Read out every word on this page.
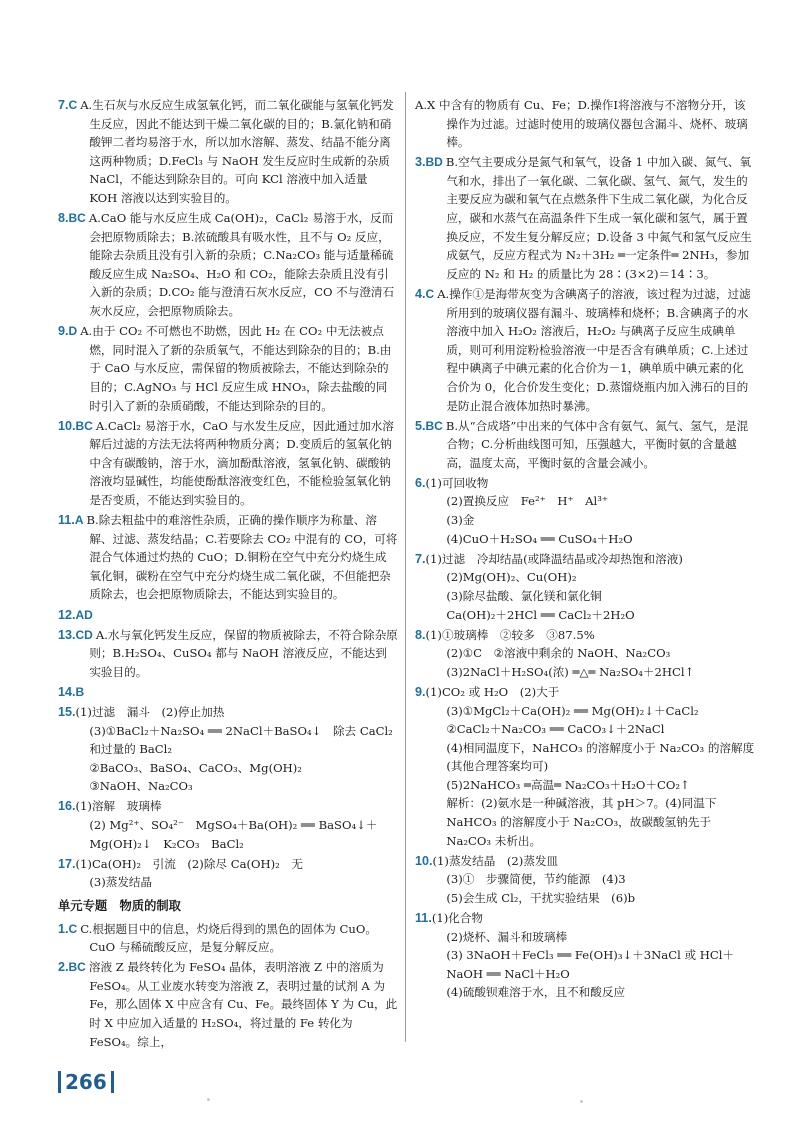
7.C A.生石灰与水反应生成氢氧化钙，而二氧化碳能与氢氧化钙发生反应，因此不能达到干燥二氧化碳的目的；B.氯化钠和硝酸钾二者均易溶于水，所以加水溶解、蒸发、结晶不能分离这两种物质；D.FeCl₃ 与 NaOH 发生反应时生成新的杂质 NaCl，不能达到除杂目的。可向 KCl 溶液中加入适量 KOH 溶液以达到实验目的。
8.BC A.CaO 能与水反应生成 Ca(OH)₂，CaCl₂ 易溶于水，反而会把原物质除去；B.浓硫酸具有吸水性，且不与 O₂ 反应，能除去杂质且没有引入新的杂质；C.Na₂CO₃ 能与适量稀硫酸反应生成 Na₂SO₄、H₂O 和 CO₂，能除去杂质且没有引入新的杂质；D.CO₂ 能与澄清石灰水反应，CO 不与澄清石灰水反应，会把原物质除去。
9.D A.由于 CO₂ 不可燃也不助燃，因此 H₂ 在 CO₂ 中无法被点燃，同时混入了新的杂质氧气，不能达到除杂的目的；B.由于 CaO 与水反应，需保留的物质被除去，不能达到除杂的目的；C.AgNO₃ 与 HCl 反应生成 HNO₃，除去盐酸的同时引入了新的杂质硝酸，不能达到除杂的目的。
10.BC A.CaCl₂ 易溶于水，CaO 与水发生反应，因此通过加水溶解后过滤的方法无法将两种物质分离；D.变质后的氢氧化钠中含有碳酸钠，溶于水，滴加酚酞溶液，氢氧化钠、碳酸钠溶液均显碱性，均能使酚酞溶液变红色，不能检验氢氧化钠是否变质，不能达到实验目的。
11.A B.除去粗盐中的难溶性杂质，正确的操作顺序为称量、溶解、过滤、蒸发结晶；C.若要除去 CO₂ 中混有的 CO，可将混合气体通过灼热的 CuO；D.铜粉在空气中充分灼烧生成氧化铜，碳粉在空气中充分灼烧生成二氧化碳，不但能把杂质除去，也会把原物质除去，不能达到实验目的。
12.AD
13.CD A.水与氧化钙发生反应，保留的物质被除去，不符合除杂原则；B.H₂SO₄、CuSO₄ 都与 NaOH 溶液反应，不能达到实验目的。
14.B
15.(1)过滤　漏斗　(2)停止加热
(3)①BaCl₂＋Na₂SO₄ ══ 2NaCl＋BaSO₄↓　除去 CaCl₂ 和过量的 BaCl₂
②BaCO₃、BaSO₄、CaCO₃、Mg(OH)₂
③NaOH、Na₂CO₃
16.(1)溶解　玻璃棒
(2) Mg²⁺、SO₄²⁻　MgSO₄＋Ba(OH)₂ ══ BaSO₄↓＋Mg(OH)₂↓　K₂CO₃　BaCl₂
17.(1)Ca(OH)₂　引流　(2)除尽 Ca(OH)₂　无
(3)蒸发结晶
单元专题　物质的制取
1.C C.根据题目中的信息，灼烧后得到的黑色的固体为 CuO。CuO 与稀硫酸反应，是复分解反应。
2.BC 溶液 Z 最终转化为 FeSO₄ 晶体，表明溶液 Z 中的溶质为 FeSO₄。从工业废水转变为溶液 Z，表明过量的试剂 A 为 Fe，那么固体 X 中应含有 Cu、Fe。最终固体 Y 为 Cu，此时 X 中应加入适量的 H₂SO₄，将过量的 Fe 转化为 FeSO₄。综上，
A.X 中含有的物质有 Cu、Fe；D.操作Ⅰ将溶液与不溶物分开，该操作为过滤。过滤时使用的玻璃仪器包含漏斗、烧杯、玻璃棒。
3.BD B.空气主要成分是氮气和氧气，设备 1 中加入碳、氮气、氧气和水，排出了一氧化碳、二氧化碳、氢气、氮气，发生的主要反应为碳和氧气在点燃条件下生成二氧化碳，为化合反应，碳和水蒸气在高温条件下生成一氧化碳和氢气，属于置换反应，不发生复分解反应；D.设备 3 中氮气和氢气反应生成氨气，反应方程式为 N₂＋3H₂ ═一定条件═ 2NH₃，参加反应的 N₂ 和 H₂ 的质量比为 28∶(3×2)＝14∶3。
4.C A.操作①是海带灰变为含碘离子的溶液，该过程为过滤，过滤所用到的玻璃仪器有漏斗、玻璃棒和烧杯；B.含碘离子的水溶液中加入 H₂O₂ 溶液后，H₂O₂ 与碘离子反应生成碘单质，则可利用淀粉检验溶液一中是否含有碘单质；C.上述过程中碘离子中碘元素的化合价为－1，碘单质中碘元素的化合价为 0，化合价发生变化；D.蒸馏烧瓶内加入沸石的目的是防止混合液体加热时暴沸。
5.BC B.从“合成塔”中出来的气体中含有氨气、氮气、氢气，是混合物；C.分析曲线图可知，压强越大，平衡时氨的含量越高，温度太高，平衡时氨的含量会减小。
6.(1)可回收物
(2)置换反应　Fe²⁺　H⁺　Al³⁺
(3)金
(4)CuO＋H₂SO₄ ══ CuSO₄＋H₂O
7.(1)过滤　冷却结晶(或降温结晶或冷却热饱和溶液)
(2)Mg(OH)₂、Cu(OH)₂
(3)除尽盐酸、氯化镁和氯化铜
Ca(OH)₂＋2HCl ══ CaCl₂＋2H₂O
8.(1)①玻璃棒　②较多　③87.5%
(2)①C　②溶液中剩余的 NaOH、Na₂CO₃
(3)2NaCl＋H₂SO₄(浓) ═△═ Na₂SO₄＋2HCl↑
9.(1)CO₂ 或 H₂O　(2)大于
(3)①MgCl₂＋Ca(OH)₂ ══ Mg(OH)₂↓＋CaCl₂
②CaCl₂＋Na₂CO₃ ══ CaCO₃↓＋2NaCl
(4)相同温度下，NaHCO₃ 的溶解度小于 Na₂CO₃ 的溶解度(其他合理答案均可)
(5)2NaHCO₃ ═高温═ Na₂CO₃＋H₂O＋CO₂↑
解析：(2)氨水是一种碱溶液，其 pH＞7。(4)同温下 NaHCO₃ 的溶解度小于 Na₂CO₃，故碳酸氢钠先于 Na₂CO₃ 未析出。
10.(1)蒸发结晶　(2)蒸发皿
(3)①　步骤简便，节约能源　(4)3
(5)会生成 Cl₂，干扰实验结果　(6)b
11.(1)化合物
(2)烧杯、漏斗和玻璃棒
(3) 3NaOH＋FeCl₃ ══ Fe(OH)₃↓＋3NaCl 或 HCl＋NaOH ══ NaCl＋H₂O
(4)硫酸钡难溶于水，且不和酸反应
266
